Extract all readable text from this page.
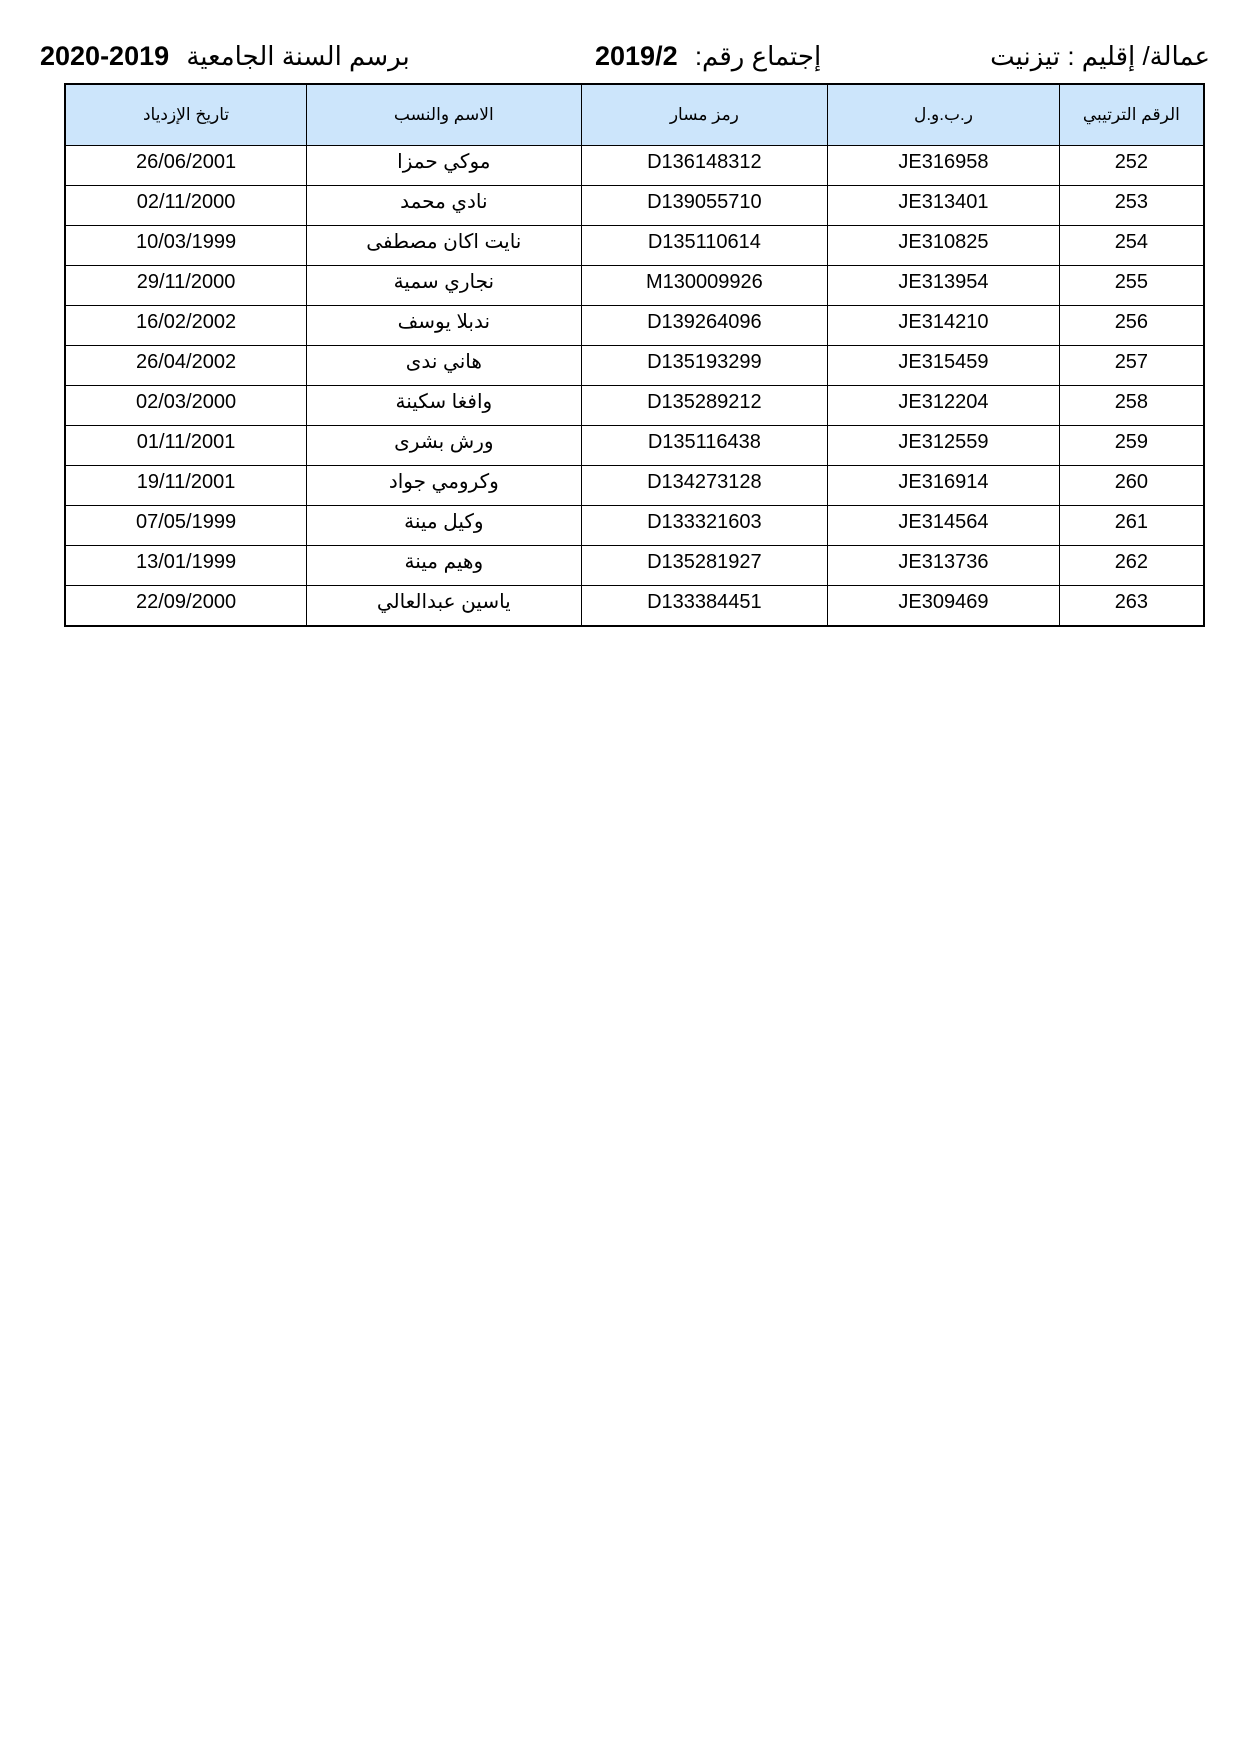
عمالة/ إقليم : تيزنيت
إجتماع رقم: 2019/2
برسم السنة الجامعية 2020-2019
الرقم الترتيبي	ر.ب.و.ل	رمز مسار	الاسم والنسب	تاريخ الإزدياد
252	JE316958	D136148312	موكي حمزا	26/06/2001
253	JE313401	D139055710	نادي محمد	02/11/2000
254	JE310825	D135110614	نايت اكان مصطفى	10/03/1999
255	JE313954	M130009926	نجاري سمية	29/11/2000
256	JE314210	D139264096	ندبلا يوسف	16/02/2002
257	JE315459	D135193299	هاني ندى	26/04/2002
258	JE312204	D135289212	وافغا سكينة	02/03/2000
259	JE312559	D135116438	ورش بشرى	01/11/2001
260	JE316914	D134273128	وكرومي جواد	19/11/2001
261	JE314564	D133321603	وكيل مينة	07/05/1999
262	JE313736	D135281927	وهيم مينة	13/01/1999
263	JE309469	D133384451	ياسين عبدالعالي	22/09/2000
